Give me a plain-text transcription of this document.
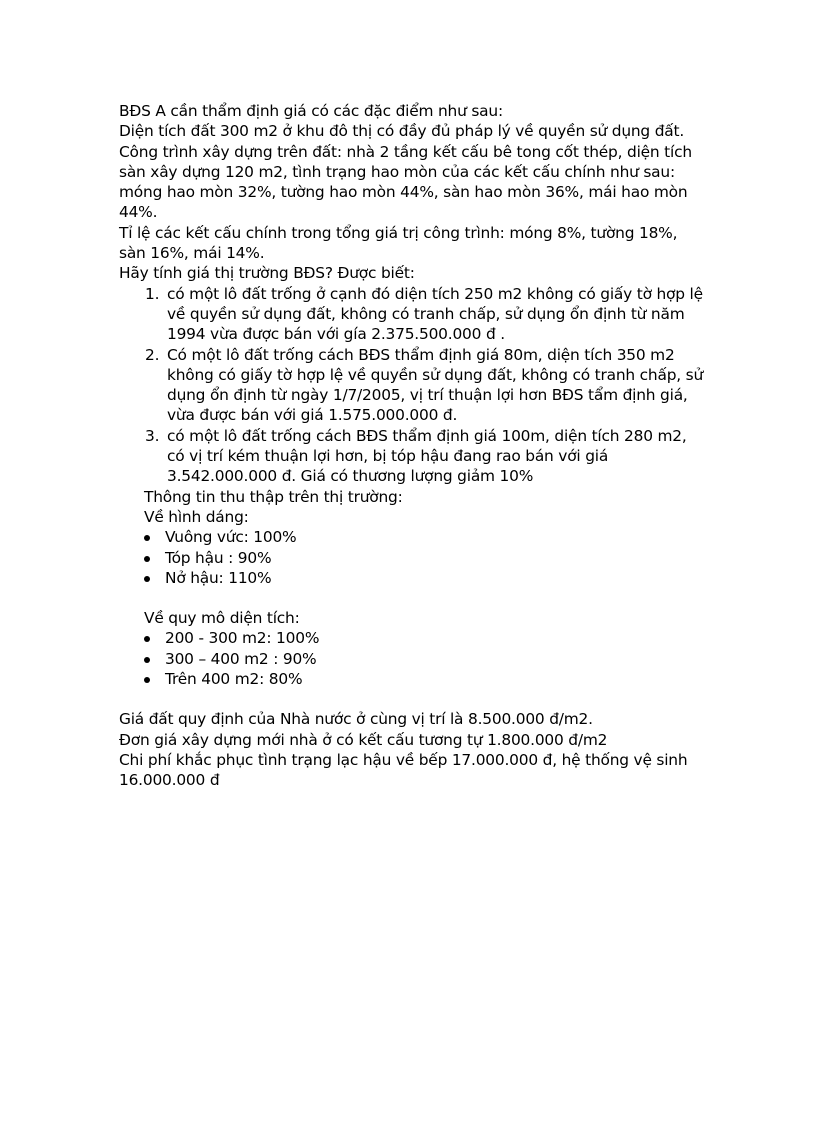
BĐS A cần thẩm định giá có các đặc điểm như sau:

Diện tích đất 300 m2 ở khu đô thị có đầy đủ pháp lý về quyền sử dụng đất.

Công trình xây dựng trên đất: nhà 2 tầng kết cấu bê tong cốt thép, diện tích sàn xây dựng 120 m2, tình trạng hao mòn của các kết cấu chính như sau: móng hao mòn 32%, tường hao mòn 44%, sàn hao mòn 36%, mái hao mòn 44%.

Tỉ lệ các kết cấu chính trong tổng giá trị công trình: móng 8%, tường 18%, sàn 16%, mái 14%.

Hãy tính giá thị trường BĐS? Được biết:

1. có một lô đất trống ở cạnh đó diện tích 250 m2 không có giấy tờ hợp lệ về quyền sử dụng đất, không có tranh chấp, sử dụng ổn định từ năm 1994 vừa được bán với gía 2.375.500.000 đ .
2. Có một lô đất trống cách BĐS thẩm định giá 80m, diện tích 350 m2 không có giấy tờ hợp lệ về quyền sử dụng đất, không có tranh chấp, sử dụng ổn định từ ngày 1/7/2005, vị trí thuận lợi hơn BĐS tẩm định giá, vừa được bán với giá 1.575.000.000 đ.
3. có một lô đất trống cách BĐS thẩm định giá 100m, diện tích 280 m2, có vị trí kém thuận lợi hơn, bị tóp hậu đang rao bán với giá 3.542.000.000 đ. Giá có thương lượng giảm 10%

Thông tin thu thập trên thị trường:

Về hình dáng:

Vuông vức: 100%
Tóp hậu : 90%
Nở hậu: 110%

Về quy mô diện tích:

200 - 300 m2: 100%
300 – 400 m2 : 90%
Trên 400 m2: 80%

Giá đất quy định của Nhà nước ở cùng vị trí là 8.500.000 đ/m2.

Đơn giá xây dựng mới nhà ở có kết cấu tương tự 1.800.000 đ/m2

Chi phí khắc phục tình trạng lạc hậu về bếp 17.000.000 đ, hệ thống vệ sinh 16.000.000 đ
